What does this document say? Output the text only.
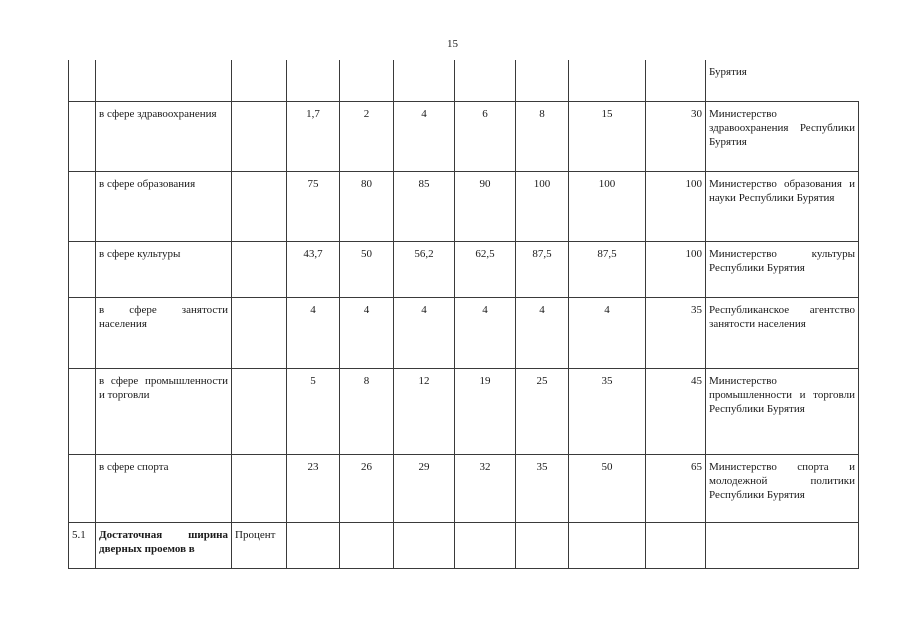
15
										Бурятия
	в сфере здравоохранения		1,7	2	4	6	8	15	30	Министерство здравоохранения Республики Бурятия
	в сфере образования		75	80	85	90	100	100	100	Министерство образования и науки Республики Бурятия
	в сфере культуры		43,7	50	56,2	62,5	87,5	87,5	100	Министерство культуры Республики Бурятия
	в сфере занятости населения		4	4	4	4	4	4	35	Республиканское агентство занятости населения
	в сфере промышленности и торговли		5	8	12	19	25	35	45	Министерство промышленности и торговли Республики Бурятия
	в сфере спорта		23	26	29	32	35	50	65	Министерство спорта и молодежной политики Республики Бурятия
5.1	Достаточная ширина дверных проемов в	Процент								
